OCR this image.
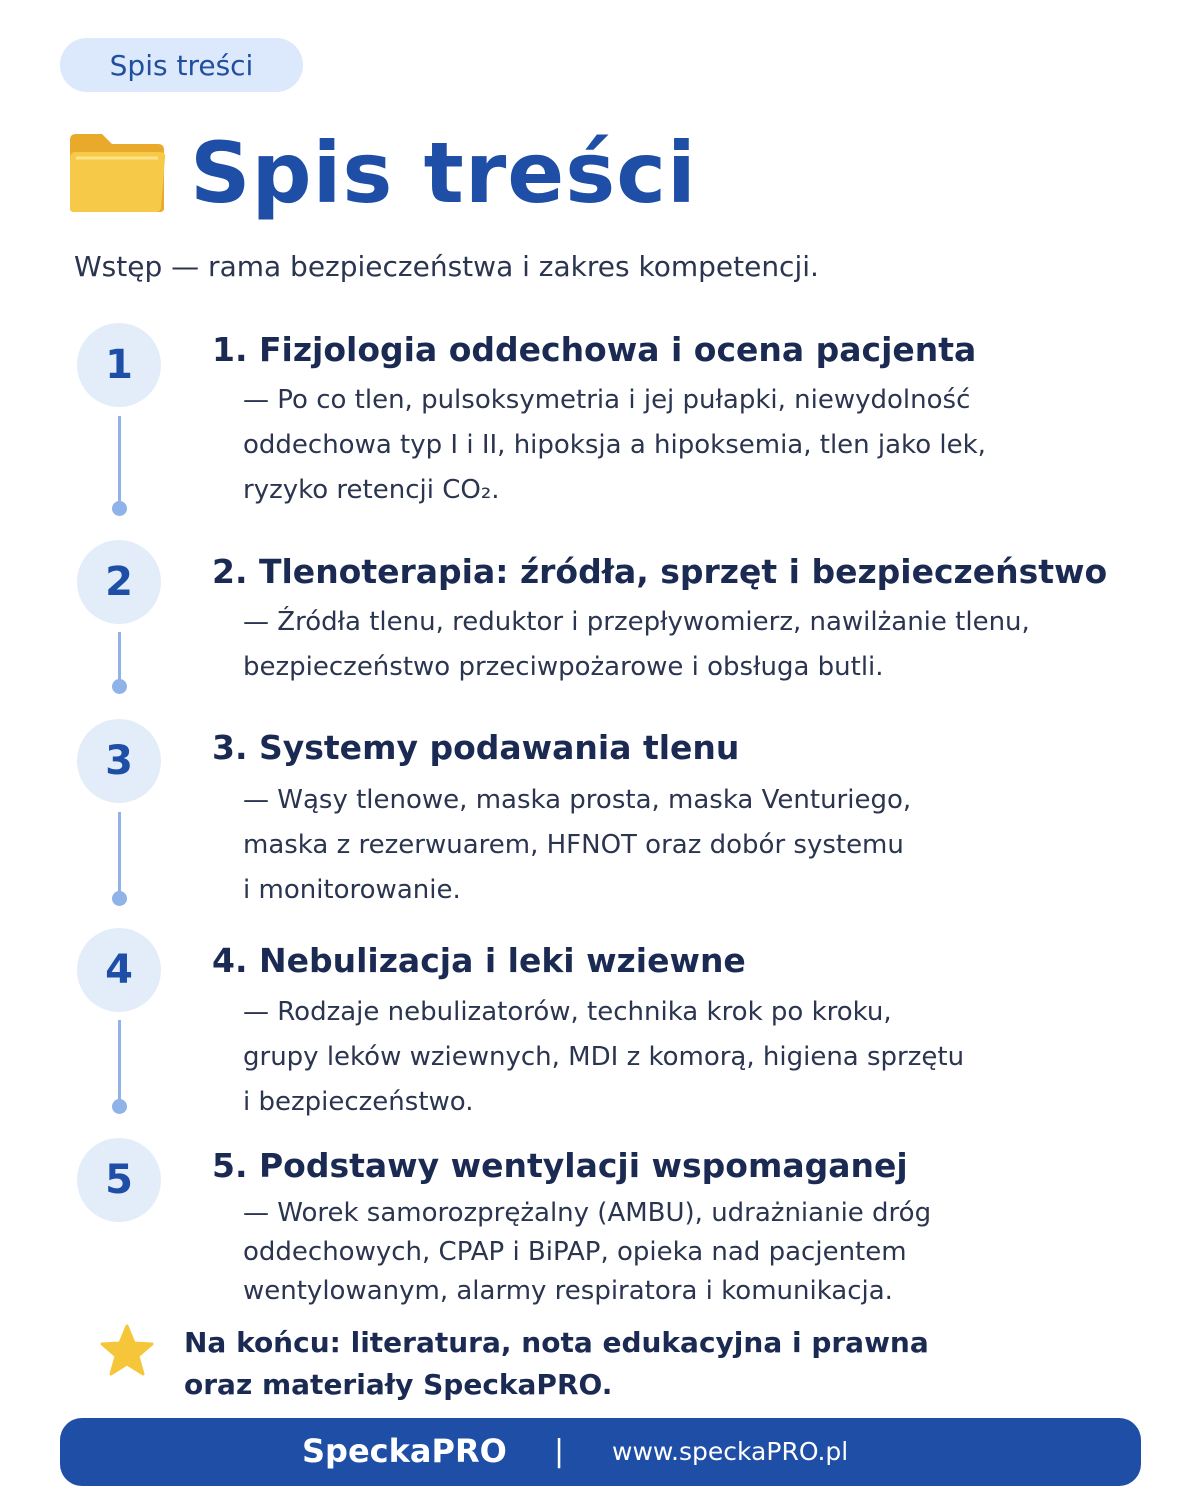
Spis treści
Spis treści
Wstęp — rama bezpieczeństwa i zakres kompetencji.
1 1. Fizjologia oddechowa i ocena pacjenta
— Po co tlen, pulsoksymetria i jej pułapki, niewydolność
oddechowa typ I i II, hipoksja a hipoksemia, tlen jako lek,
ryzyko retencji CO₂.
2 2. Tlenoterapia: źródła, sprzęt i bezpieczeństwo
— Źródła tlenu, reduktor i przepływomierz, nawilżanie tlenu,
bezpieczeństwo przeciwpożarowe i obsługa butli.
3 3. Systemy podawania tlenu
— Wąsy tlenowe, maska prosta, maska Venturiego,
maska z rezerwuarem, HFNOT oraz dobór systemu
i monitorowanie.
4 4. Nebulizacja i leki wziewne
— Rodzaje nebulizatorów, technika krok po kroku,
grupy leków wziewnych, MDI z komorą, higiena sprzętu
i bezpieczeństwo.
5 5. Podstawy wentylacji wspomaganej
— Worek samorozprężalny (AMBU), udrażnianie dróg
oddechowych, CPAP i BiPAP, opieka nad pacjentem
wentylowanym, alarmy respiratora i komunikacja.
Na końcu: literatura, nota edukacyjna i prawna
oraz materiały SpeckaPRO.
SpeckaPRO | www.speckaPRO.pl
